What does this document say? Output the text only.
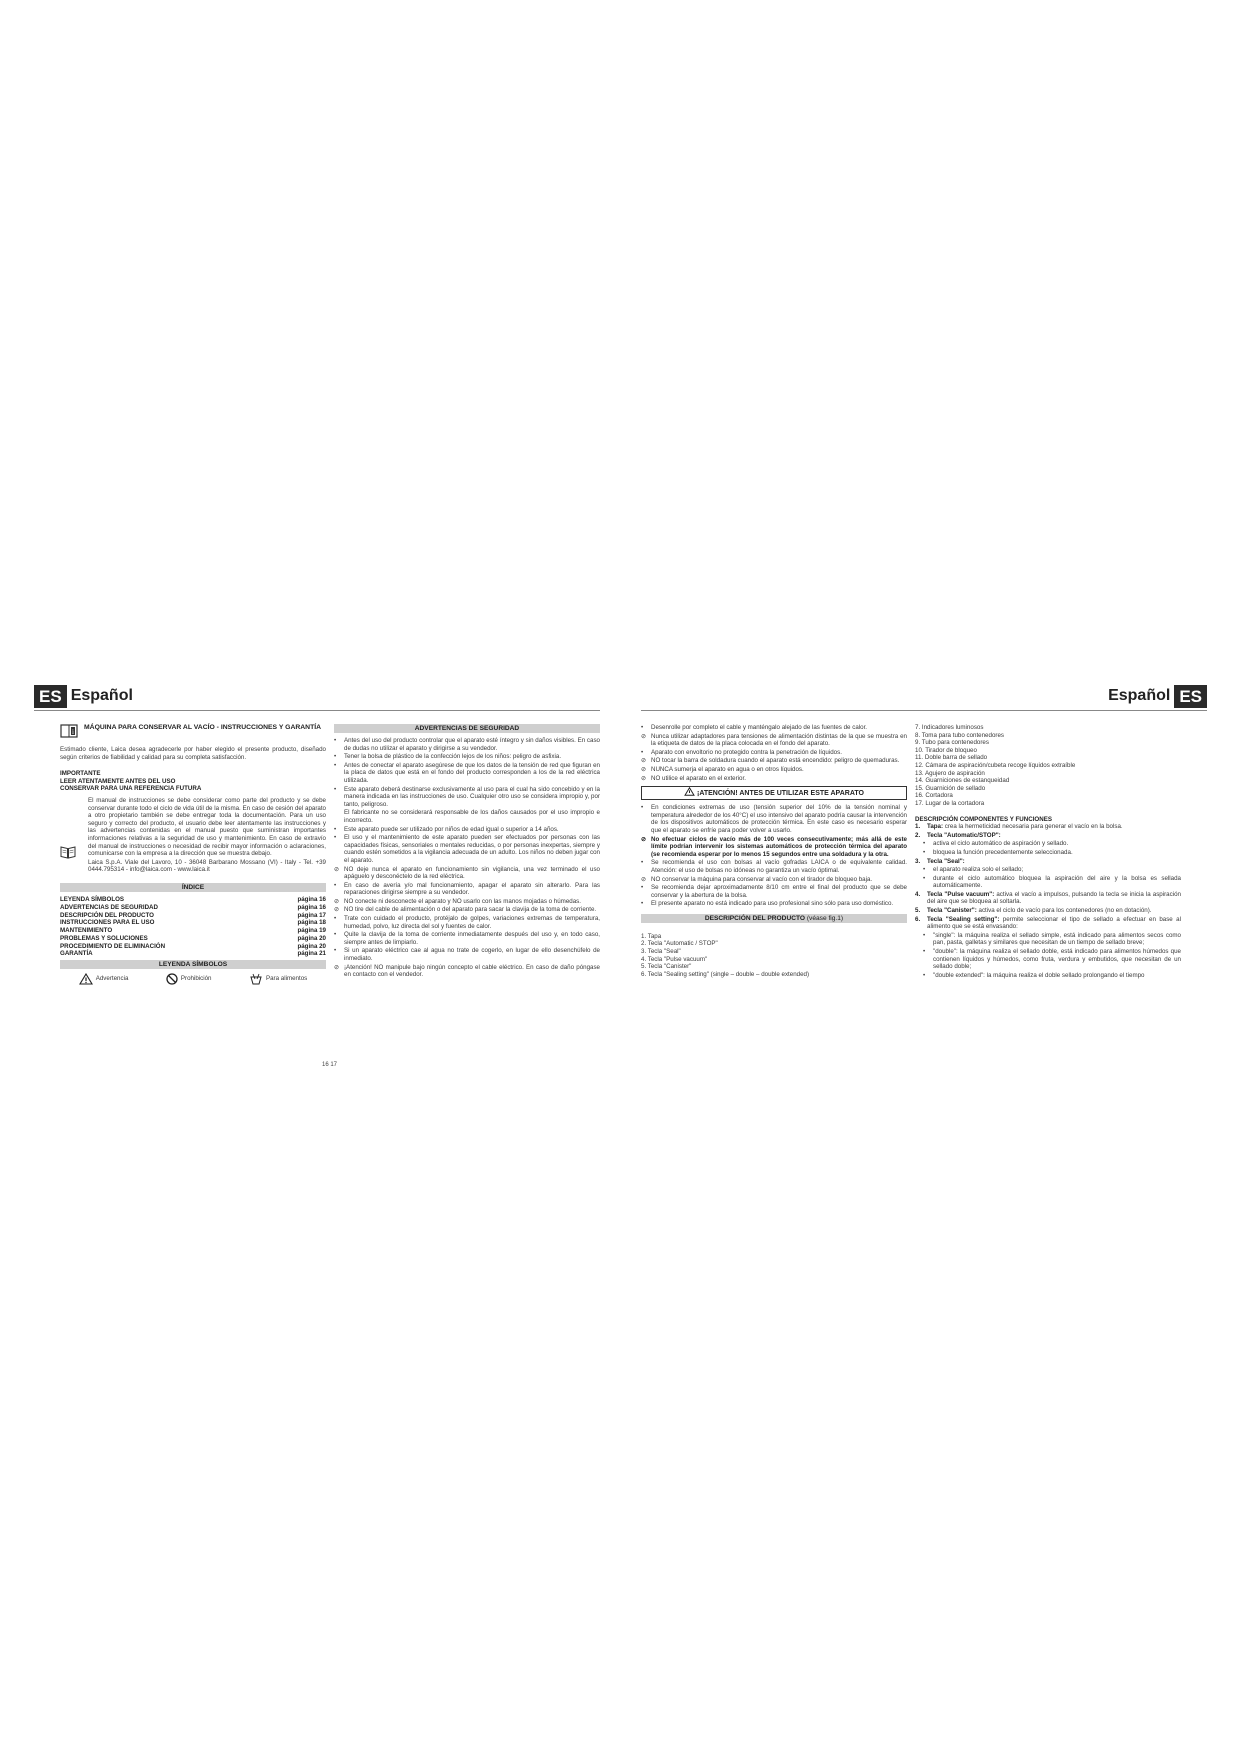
ES Español	Español ES
i
MÁQUINA PARA CONSERVAR AL VACÍO - INSTRUCCIONES Y GARANTÍA

Estimado cliente, Laica desea agradecerle por haber elegido el presente producto, diseñado según criterios de fiabilidad y calidad para su completa satisfacción.

IMPORTANTE
LEER ATENTAMENTE ANTES DEL USO
CONSERVAR PARA UNA REFERENCIA FUTURA

El manual de instrucciones se debe considerar como parte del producto y se debe conservar durante todo el ciclo de vida útil de la misma. En caso de cesión del aparato a otro propietario también se debe entregar toda la documentación. Para un uso seguro y correcto del producto, el usuario debe leer atentamente las instrucciones y las advertencias contenidas en el manual puesto que suministran importantes informaciones relativas a la seguridad de uso y mantenimiento. En caso de extravío del manual de instrucciones o necesidad de recibir mayor información o aclaraciones, comunicarse con la empresa a la dirección que se muestra debajo.

Laica S.p.A. Viale del Lavoro, 10 - 36048 Barbarano Mossano (VI) - Italy - Tel. +39 0444.795314 - info@laica.com - www.laica.it

ÍNDICE
LEYENDA SÍMBOLOS	página 16
ADVERTENCIAS DE SEGURIDAD	página 16
DESCRIPCIÓN DEL PRODUCTO	página 17
INSTRUCCIONES PARA EL USO	página 18
MANTENIMIENTO	página 19
PROBLEMAS Y SOLUCIONES	página 20
PROCEDIMIENTO DE ELIMINACIÓN	página 20
GARANTÍA	página 21
LEYENDA SÍMBOLOS
Advertencia	Prohibición	Para alimentos
ADVERTENCIAS DE SEGURIDAD
• Antes del uso del producto controlar que el aparato esté íntegro y sin daños visibles. En caso de dudas no utilizar el aparato y dirigirse a su vendedor.
• Tener la bolsa de plástico de la confección lejos de los niños: peligro de asfixia.
• Antes de conectar el aparato asegúrese de que los datos de la tensión de red que figuran en la placa de datos que está en el fondo del producto corresponden a los de la red eléctrica utilizada.
• Este aparato deberá destinarse exclusivamente al uso para el cual ha sido concebido y en la manera indicada en las instrucciones de uso. Cualquier otro uso se considera impropio y, por tanto, peligroso.
El fabricante no se considerará responsable de los daños causados por el uso impropio e incorrecto.
• Este aparato puede ser utilizado por niños de edad igual o superior a 14 años.
• El uso y el mantenimiento de este aparato pueden ser efectuados por personas con las capacidades físicas, sensoriales o mentales reducidas, o por personas inexpertas, siempre y cuando estén sometidos a la vigilancia adecuada de un adulto. Los niños no deben jugar con el aparato.
⊘ NO deje nunca el aparato en funcionamiento sin vigilancia, una vez terminado el uso apáguelo y desconéctelo de la red eléctrica.
• En caso de avería y/o mal funcionamiento, apagar el aparato sin alterarlo. Para las reparaciones dirigirse siempre a su vendedor.
⊘ NO conecte ni desconecte el aparato y NO usarlo con las manos mojadas o húmedas.
⊘ NO tire del cable de alimentación o del aparato para sacar la clavija de la toma de corriente.
• Trate con cuidado el producto, protéjalo de golpes, variaciones extremas de temperatura, humedad, polvo, luz directa del sol y fuentes de calor.
• Quite la clavija de la toma de corriente inmediatamente después del uso y, en todo caso, siempre antes de limpiarlo.
• Si un aparato eléctrico cae al agua no trate de cogerlo, en lugar de ello desenchúfelo de inmediato.
⊘ ¡Atención! NO manipule bajo ningún concepto el cable eléctrico. En caso de daño póngase en contacto con el vendedor.
16 17
• Desenrolle por completo el cable y manténgalo alejado de las fuentes de calor.
⊘ Nunca utilizar adaptadores para tensiones de alimentación distintas de la que se muestra en la etiqueta de datos de la placa colocada en el fondo del aparato.
• Aparato con envoltorio no protegido contra la penetración de líquidos.
⊘ NO tocar la barra de soldadura cuando el aparato está encendido: peligro de quemaduras.
⊘ NUNCA sumerja el aparato en agua o en otros líquidos.
⊘ NO utilice el aparato en el exterior.
¡ATENCIÓN! ANTES DE UTILIZAR ESTE APARATO
• En condiciones extremas de uso (tensión superior del 10% de la tensión nominal y temperatura alrededor de los 40°C) el uso intensivo del aparato podría causar la intervención de los dispositivos automáticos de protección térmica. En este caso es necesario esperar que el aparato se enfríe para poder volver a usarlo.
⊘ No efectuar ciclos de vacío más de 100 veces consecutivamente; más allá de este límite podrían intervenir los sistemas automáticos de protección térmica del aparato (se recomienda esperar por lo menos 15 segundos entre una soldadura y la otra.
• Se recomienda el uso con bolsas al vacío gofradas LAICA o de equivalente calidad. Atención: el uso de bolsas no idóneas no garantiza un vacío óptimal.
⊘ NO conservar la máquina para conservar al vacío con el tirador de bloqueo baja.
• Se recomienda dejar aproximadamente 8/10 cm entre el final del producto que se debe conservar y la abertura de la bolsa.
• El presente aparato no está indicado para uso profesional sino sólo para uso doméstico.
DESCRIPCIÓN DEL PRODUCTO (véase fig.1)
1. Tapa
2. Tecla "Automatic / STOP"
3. Tecla "Seal"
4. Tecla "Pulse vacuum"
5. Tecla "Canister"
6. Tecla "Sealing setting" (single – double – double extended)
7. Indicadores luminosos
8. Toma para tubo contenedores
9. Tubo para contenedores
10. Tirador de bloqueo
11. Doble barra de sellado
12. Cámara de aspiración/cubeta recoge líquidos extraíble
13. Agujero de aspiración
14. Guarniciones de estanqueidad
15. Guarnición de sellado
16. Cortadora
17. Lugar de la cortadora
DESCRIPCIÓN COMPONENTES Y FUNCIONES
1. Tapa: crea la hermeticidad necesaria para generar el vacío en la bolsa.
2. Tecla "Automatic/STOP":
• activa el ciclo automático de aspiración y sellado.
• bloquea la función precedentemente seleccionada.
3. Tecla "Seal":
• el aparato realiza solo el sellado;
• durante el ciclo automático bloquea la aspiración del aire y la bolsa es sellada automáticamente.
4. Tecla "Pulse vacuum": activa el vacío a impulsos, pulsando la tecla se inicia la aspiración del aire que se bloquea al soltarla.
5. Tecla "Canister": activa el ciclo de vacío para los contenedores (no en dotación).
6. Tecla "Sealing setting": permite seleccionar el tipo de sellado a efectuar en base al alimento que se está envasando:
• "single": la máquina realiza el sellado simple, está indicado para alimentos secos como pan, pasta, galletas y similares que necesitan de un tiempo de sellado breve;
• "double": la máquina realiza el sellado doble, está indicado para alimentos húmedos que contienen líquidos y húmedos, como fruta, verdura y embutidos, que necesitan de un sellado doble;
• "double extended": la máquina realiza el doble sellado prolongando el tiempo
